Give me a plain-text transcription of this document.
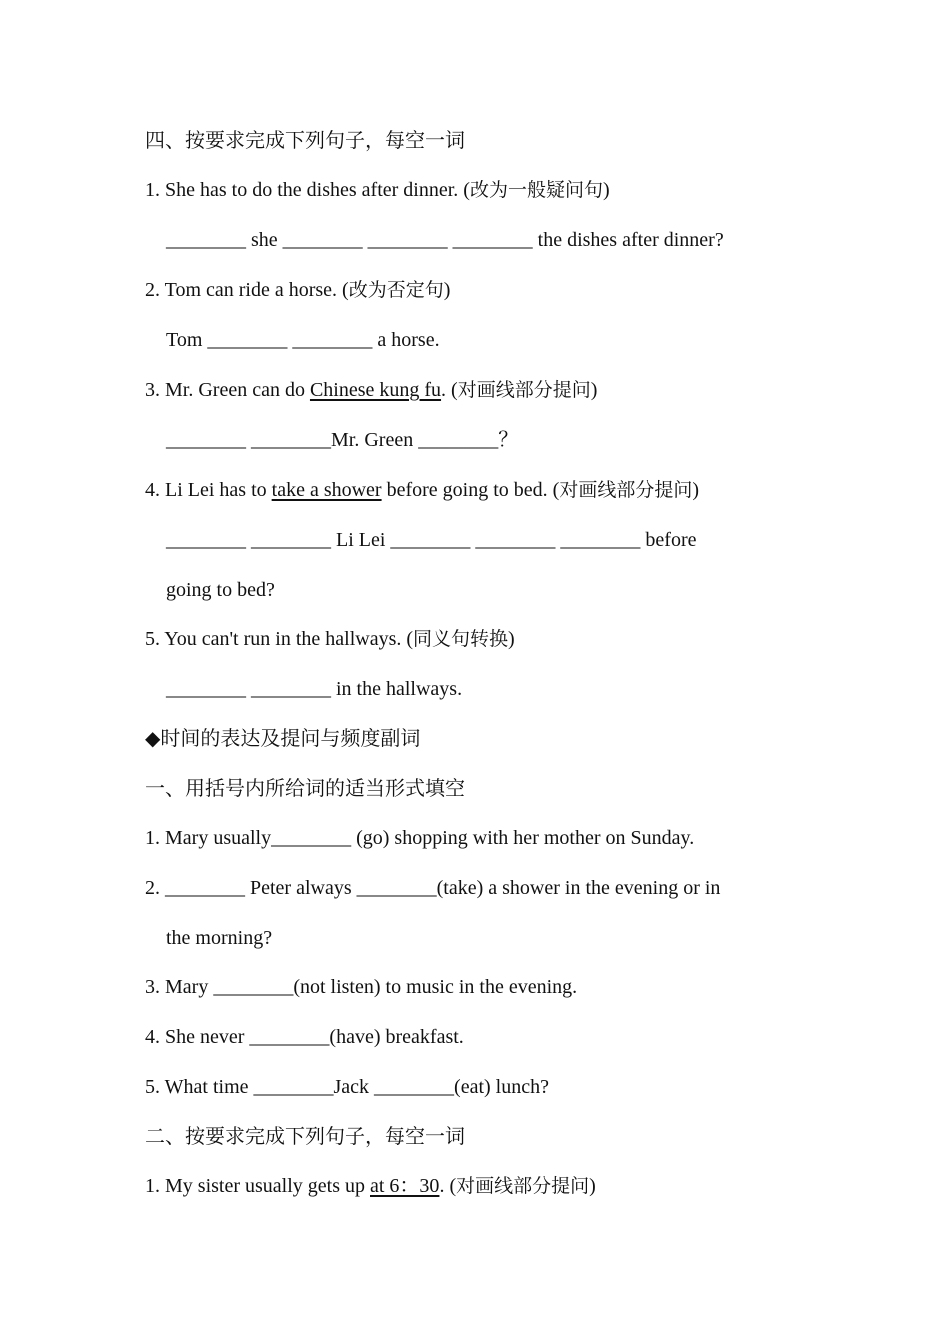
四、按要求完成下列句子，每空一词
1. She has to do the dishes after dinner. (改为一般疑问句)
________ she ________ ________ ________ the dishes after dinner?
2. Tom can ride a horse. (改为否定句)
Tom ________ ________ a horse.
3. Mr. Green can do Chinese kung fu. (对画线部分提问)
________ ________Mr. Green ________？
4. Li Lei has to take a shower before going to bed. (对画线部分提问)
________ ________ Li Lei ________ ________ ________ before
going to bed?
5. You can't run in the hallways. (同义句转换)
________ ________ in the hallways.
◆时间的表达及提问与频度副词
一、用括号内所给词的适当形式填空
1. Mary usually________ (go) shopping with her mother on Sunday.
2. ________ Peter always ________(take) a shower in the evening or in
the morning?
3. Mary ________(not listen) to music in the evening.
4. She never ________(have) breakfast.
5. What time ________Jack ________(eat) lunch?
二、按要求完成下列句子，每空一词
1. My sister usually gets up at 6：30. (对画线部分提问)
